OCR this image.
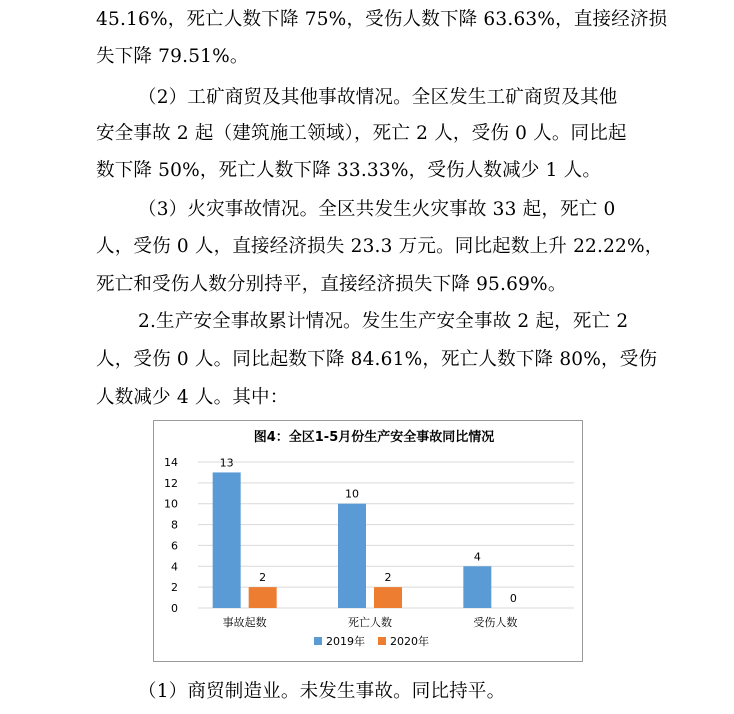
45.16%，死亡人数下降 75%，受伤人数下降 63.63%，直接经济损
失下降 79.51%。
（2）工矿商贸及其他事故情况。全区发生工矿商贸及其他
安全事故 2 起（建筑施工领域），死亡 2 人，受伤 0 人。同比起
数下降 50%，死亡人数下降 33.33%，受伤人数减少 1 人。
（3）火灾事故情况。全区共发生火灾事故 33 起，死亡 0
人，受伤 0 人，直接经济损失 23.3 万元。同比起数上升 22.22%，
死亡和受伤人数分别持平，直接经济损失下降 95.69%。
2.生产安全事故累计情况。发生生产安全事故 2 起，死亡 2
人，受伤 0 人。同比起数下降 84.61%，死亡人数下降 80%，受伤
人数减少 4 人。其中：
图4：全区1-5月份生产安全事故同比情况
0
2
4
6
8
10
12
14	13
2
事故起数
10
2
死亡人数
4
0
受伤人数
2019年 2020年
（1）商贸制造业。未发生事故。同比持平。
